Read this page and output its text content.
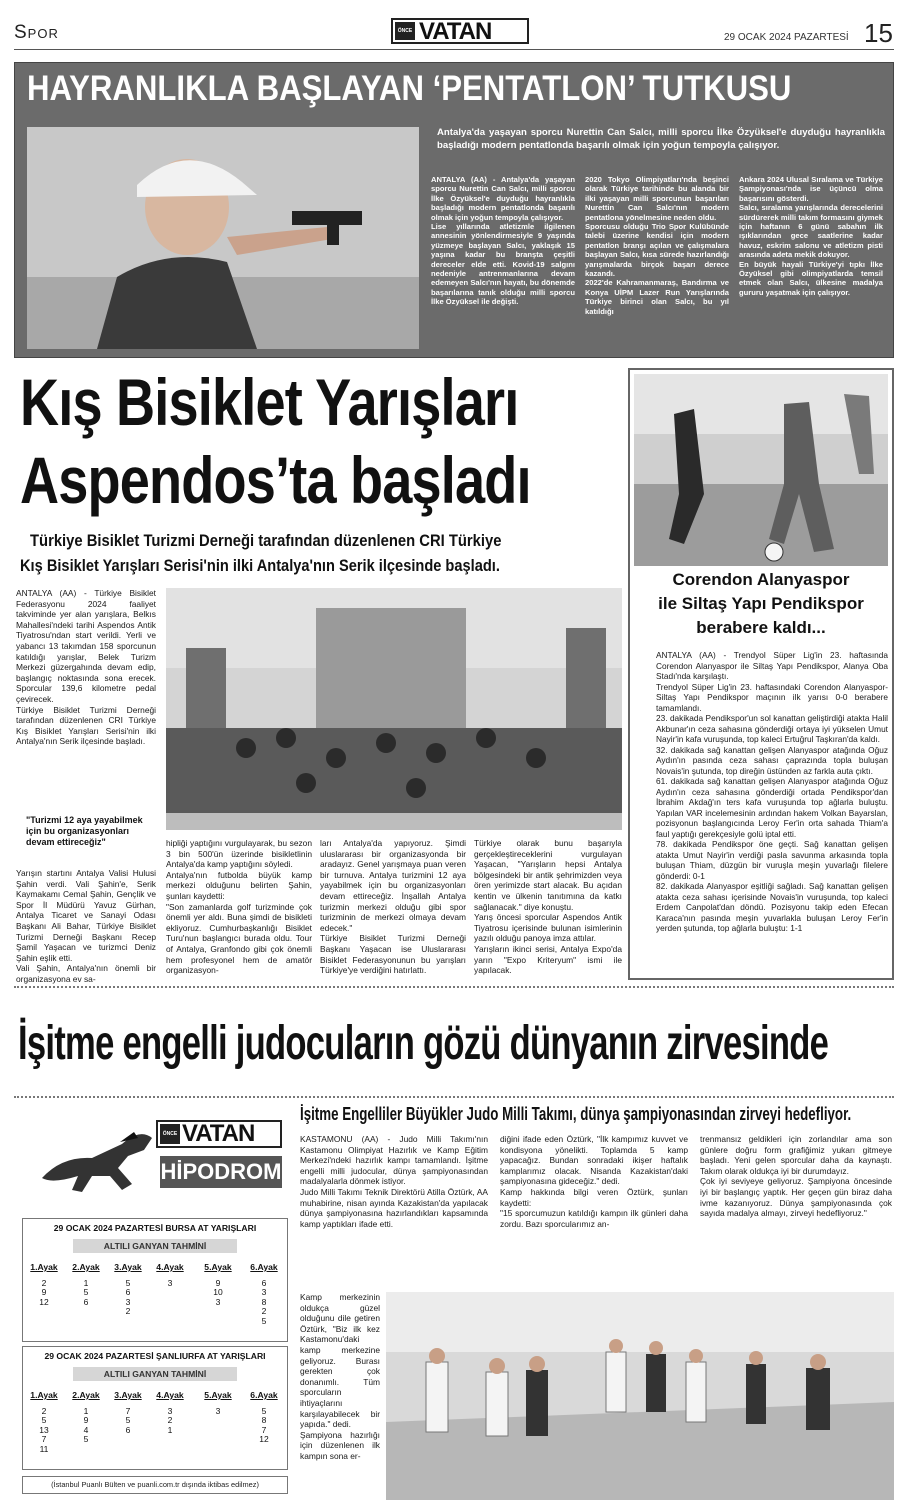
Spor	ÖNCE VATAN	29 OCAK 2024 PAZARTESİ 15
HAYRANLIKLA BAŞLAYAN ‘PENTATLON’ TUTKUSU
Antalya'da yaşayan sporcu Nurettin Can Salcı, milli sporcu İlke Özyüksel'e duyduğu hayranlıkla başladığı modern pentatlonda başarılı olmak için yoğun tempoyla çalışıyor.
ANTALYA (AA) - Antalya'da yaşayan sporcu Nurettin Can Salcı, milli sporcu İlke Özyüksel'e duyduğu hayranlıkla başladığı modern pentatlonda başarılı olmak için yoğun tempoyla çalışıyor.
Lise yıllarında atletizmle ilgilenen annesinin yönlendirmesiyle 9 yaşında yüzmeye başlayan Salcı, yaklaşık 15 yaşına kadar bu branşta çeşitli dereceler elde etti. Kovid-19 salgını nedeniyle antrenmanlarına devam edemeyen Salcı'nın hayatı, bu dönemde başarılarına tanık olduğu milli sporcu İlke Özyüksel ile değişti.
2020 Tokyo Olimpiyatları'nda beşinci olarak Türkiye tarihinde bu alanda bir ilki yaşayan milli sporcunun başarıları Nurettin Can Salcı'nın modern pentatlona yönelmesine neden oldu.
Sporcusu olduğu Trio Spor Kulübünde talebi üzerine kendisi için modern pentatlon branşı açılan ve çalışmalara başlayan Salcı, kısa sürede hazırlandığı yarışmalarda birçok başarı derece kazandı.
2022'de Kahramanmaraş, Bandırma ve Konya UİPM Lazer Run Yarışlarında Türkiye birinci olan Salcı, bu yıl katıldığı
Ankara 2024 Ulusal Sıralama ve Türkiye Şampiyonası'nda ise üçüncü olma başarısını gösterdi.
Salcı, sıralama yarışlarında derecelerini sürdürerek milli takım formasını giymek için haftanın 6 günü sabahın ilk ışıklarından gece saatlerine kadar havuz, eskrim salonu ve atletizm pisti arasında adeta mekik dokuyor.
En büyük hayali Türkiye'yi tıpkı İlke Özyüksel gibi olimpiyatlarda temsil etmek olan Salcı, ülkesine madalya gururu yaşatmak için çalışıyor.
Kış Bisiklet Yarışları
Aspendos’ta başladı
Türkiye Bisiklet Turizmi Derneği tarafından düzenlenen CRI Türkiye
Kış Bisiklet Yarışları Serisi'nin ilki Antalya'nın Serik ilçesinde başladı.
ANTALYA (AA) - Türkiye Bisiklet Federasyonu 2024 faaliyet takviminde yer alan yarışlara, Belkıs Mahallesi'ndeki tarihi Aspendos Antik Tiyatrosu'ndan start verildi. Yerli ve yabancı 13 takımdan 158 sporcunun katıldığı yarışlar, Belek Turizm Merkezi güzergahında devam edip, başlangıç noktasında sona erecek. Sporcular 139,6 kilometre pedal çevirecek.
Türkiye Bisiklet Turizmi Derneği tarafından düzenlenen CRI Türkiye Kış Bisiklet Yarışları Serisi'nin ilki Antalya'nın Serik ilçesinde başladı.
"Turizmi 12 aya yayabilmek için bu organizasyonları devam ettireceğiz"
Yarışın startını Antalya Valisi Hulusi Şahin verdi. Vali Şahin'e, Serik Kaymakamı Cemal Şahin, Gençlik ve Spor İl Müdürü Yavuz Gürhan, Antalya Ticaret ve Sanayi Odası Başkanı Ali Bahar, Türkiye Bisiklet Turizmi Derneği Başkanı Recep Şamil Yaşacan ve turizmci Deniz Şahin eşlik etti.
Vali Şahin, Antalya'nın önemli bir organizasyona ev sa-
hipliği yaptığını vurgulayarak, bu sezon 3 bin 500'ün üzerinde bisikletlinin Antalya'da kamp yaptığını söyledi.
Antalya'nın futbolda büyük kamp merkezi olduğunu belirten Şahin, şunları kaydetti:
"Son zamanlarda golf turizminde çok önemli yer aldı. Buna şimdi de bisikleti ekliyoruz. Cumhurbaşkanlığı Bisiklet Turu'nun başlangıcı burada oldu. Tour of Antalya, Granfondo gibi çok önemli hem profesyonel hem de amatör organizasyon-
ları Antalya'da yapıyoruz. Şimdi uluslararası bir organizasyonda bir aradayız. Genel yarışmaya puan veren bir turnuva. Antalya turizmini 12 aya yayabilmek için bu organizasyonları devam ettireceğiz. İnşallah Antalya turizmin merkezi olduğu gibi spor turizminin de merkezi olmaya devam edecek."
Türkiye Bisiklet Turizmi Derneği Başkanı Yaşacan ise Uluslararası Bisiklet Federasyonunun bu yarışları Türkiye'ye verdiğini hatırlattı.
Türkiye olarak bunu başarıyla gerçekleştireceklerini vurgulayan Yaşacan, "Yarışların hepsi Antalya bölgesindeki bir antik şehrimizden veya ören yerimizde start alacak. Bu açıdan kentin ve ülkenin tanıtımına da katkı sağlanacak." diye konuştu.
Yarış öncesi sporcular Aspendos Antik Tiyatrosu içerisinde bulunan isimlerinin yazılı olduğu panoya imza attılar.
Yarışların ikinci serisi, Antalya Expo'da yarın "Expo Kriteryum" ismi ile yapılacak.
Corendon Alanyaspor
ile Siltaş Yapı Pendikspor
berabere kaldı...
ANTALYA (AA) - Trendyol Süper Lig'in 23. haftasında Corendon Alanyaspor ile Siltaş Yapı Pendikspor, Alanya Oba Stadı'nda karşılaştı.
Trendyol Süper Lig'in 23. haftasındaki Corendon Alanyaspor-Siltaş Yapı Pendikspor maçının ilk yarısı 0-0 berabere tamamlandı.
23. dakikada Pendikspor'un sol kanattan geliştirdiği atakta Halil Akbunar'ın ceza sahasına gönderdiği ortaya iyi yükselen Umut Nayir'in kafa vuruşunda, top kaleci Ertuğrul Taşkıran'da kaldı.
32. dakikada sağ kanattan gelişen Alanyaspor atağında Oğuz Aydın'ın pasında ceza sahası çaprazında topla buluşan Novais'in şutunda, top direğin üstünden az farkla auta çıktı.
61. dakikada sağ kanattan gelişen Alanyaspor atağında Oğuz Aydın'ın ceza sahasına gönderdiği ortada Pendikspor'dan İbrahim Akdağ'ın ters kafa vuruşunda top ağlarla buluştu. Yapılan VAR incelemesinin ardından hakem Volkan Bayarslan, pozisyonun başlangıcında Leroy Fer'in orta sahada Thiam'a faul yaptığı gerekçesiyle golü iptal etti.
78. dakikada Pendikspor öne geçti. Sağ kanattan gelişen atakta Umut Nayir'in verdiği pasla savunma arkasında topla buluşan Thiam, düzgün bir vuruşla meşin yuvarlağı filelere gönderdi: 0-1
82. dakikada Alanyaspor eşitliği sağladı. Sağ kanattan gelişen atakta ceza sahası içerisinde Novais'in vuruşunda, top kaleci Erdem Canpolat'dan döndü. Pozisyonu takip eden Efecan Karaca'nın pasında meşin yuvarlakla buluşan Leroy Fer'in yerden şutunda, top ağlarla buluştu: 1-1
İşitme engelli judocuların gözü dünyanın zirvesinde
ÖNCE VATAN
HİPODROM
29 OCAK 2024 PAZARTESİ BURSA AT YARIŞLARI
ALTILI GANYAN TAHMİNİ
1.Ayak
2
9
12
2.Ayak
1
5
6
3.Ayak
5
6
3
2
4.Ayak
3
5.Ayak
9
10
3
6.Ayak
6
3
8
2
5
29 OCAK 2024 PAZARTESİ ŞANLIURFA AT YARIŞLARI
ALTILI GANYAN TAHMİNİ
1.Ayak
2
5
13
7
11
2.Ayak
1
9
4
5
3.Ayak
7
5
6
4.Ayak
3
2
1
5.Ayak
3
6.Ayak
5
8
7
12
(İstanbul Puanlı Bülten ve puanli.com.tr dışında iktibas edilmez)
İşitme Engelliler Büyükler Judo Milli Takımı, dünya şampiyonasından zirveyi hedefliyor.
KASTAMONU (AA) - Judo Milli Takımı'nın Kastamonu Olimpiyat Hazırlık ve Kamp Eğitim Merkezi'ndeki hazırlık kampı tamamlandı. İşitme engelli milli judocular, dünya şampiyonasından madalyalarla dönmek istiyor.
Judo Milli Takımı Teknik Direktörü Atilla Öztürk, AA muhabirine, nisan ayında Kazakistan'da yapılacak dünya şampiyonasına hazırlandıkları kapsamında kamp yaptıkları ifade etti.
Kamp merkezinin oldukça güzel olduğunu dile getiren Öztürk, "Biz ilk kez Kastamonu'daki kamp merkezine geliyoruz. Burası gerekten çok donanımlı. Tüm sporcuların ihtiyaçlarını karşılayabilecek bir yapıda." dedi.
Şampiyona hazırlığı için düzenlenen ilk kampın sona er-
diğini ifade eden Öztürk, "İlk kampımız kuvvet ve kondisyona yönelikti. Toplamda 5 kamp yapacağız. Bundan sonradaki ikişer haftalık kamplarımız olacak. Nisanda Kazakistan'daki şampiyonasına gideceğiz." dedi.
Kamp hakkında bilgi veren Öztürk, şunları kaydetti:
"15 sporcumuzun katıldığı kampın ilk günleri daha zordu. Bazı sporcularımız an-
trenmansız geldikleri için zorlandılar ama son günlere doğru form grafiğimiz yukarı gitmeye başladı. Yeni gelen sporcular daha da kaynaştı. Takım olarak oldukça iyi bir durumdayız.
Çok iyi seviyeye geliyoruz. Şampiyona öncesinde iyi bir başlangıç yaptık. Her geçen gün biraz daha ivme kazanıyoruz. Dünya şampiyonasında çok sayıda madalya almayı, zirveyi hedefliyoruz."
